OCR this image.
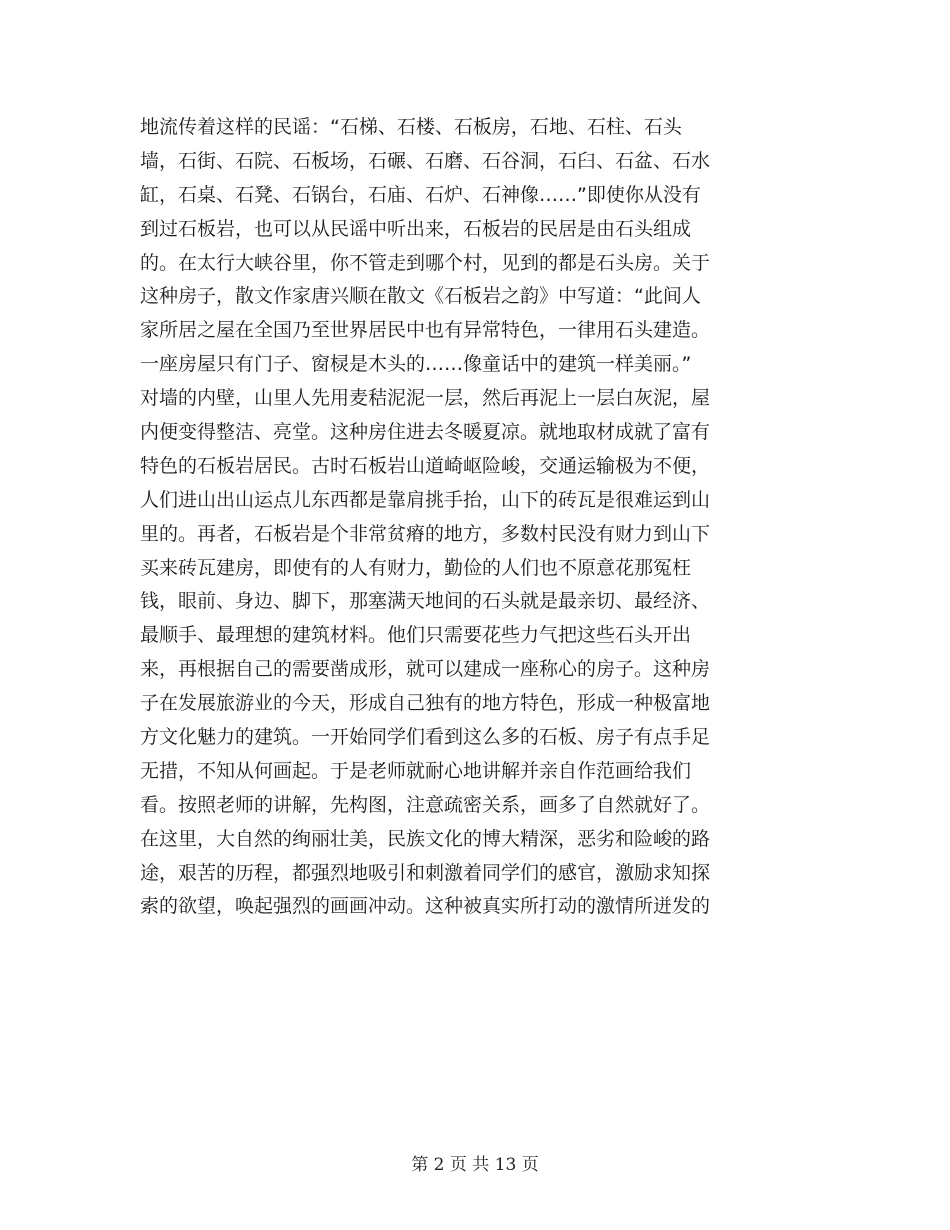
地流传着这样的民谣：“石梯、石楼、石板房，石地、石柱、石头
墙，石街、石院、石板场，石碾、石磨、石谷洞，石臼、石盆、石水
缸，石桌、石凳、石锅台，石庙、石炉、石神像……”即使你从没有
到过石板岩，也可以从民谣中听出来，石板岩的民居是由石头组成
的。在太行大峡谷里，你不管走到哪个村，见到的都是石头房。关于
这种房子，散文作家唐兴顺在散文《石板岩之韵》中写道：“此间人
家所居之屋在全国乃至世界居民中也有异常特色，一律用石头建造。
一座房屋只有门子、窗棂是木头的……像童话中的建筑一样美丽。”
对墙的内壁，山里人先用麦秸泥泥一层，然后再泥上一层白灰泥，屋
内便变得整洁、亮堂。这种房住进去冬暖夏凉。就地取材成就了富有
特色的石板岩居民。古时石板岩山道崎岖险峻，交通运输极为不便，
人们进山出山运点儿东西都是靠肩挑手抬，山下的砖瓦是很难运到山
里的。再者，石板岩是个非常贫瘠的地方，多数村民没有财力到山下
买来砖瓦建房，即使有的人有财力，勤俭的人们也不原意花那冤枉
钱，眼前、身边、脚下，那塞满天地间的石头就是最亲切、最经济、
最顺手、最理想的建筑材料。他们只需要花些力气把这些石头开出
来，再根据自己的需要凿成形，就可以建成一座称心的房子。这种房
子在发展旅游业的今天，形成自己独有的地方特色，形成一种极富地
方文化魅力的建筑。一开始同学们看到这么多的石板、房子有点手足
无措，不知从何画起。于是老师就耐心地讲解并亲自作范画给我们
看。按照老师的讲解，先构图，注意疏密关系，画多了自然就好了。
在这里，大自然的绚丽壮美，民族文化的博大精深，恶劣和险峻的路
途，艰苦的历程，都强烈地吸引和刺激着同学们的感官，激励求知探
索的欲望，唤起强烈的画画冲动。这种被真实所打动的激情所迸发的
第 2 页 共 13 页
